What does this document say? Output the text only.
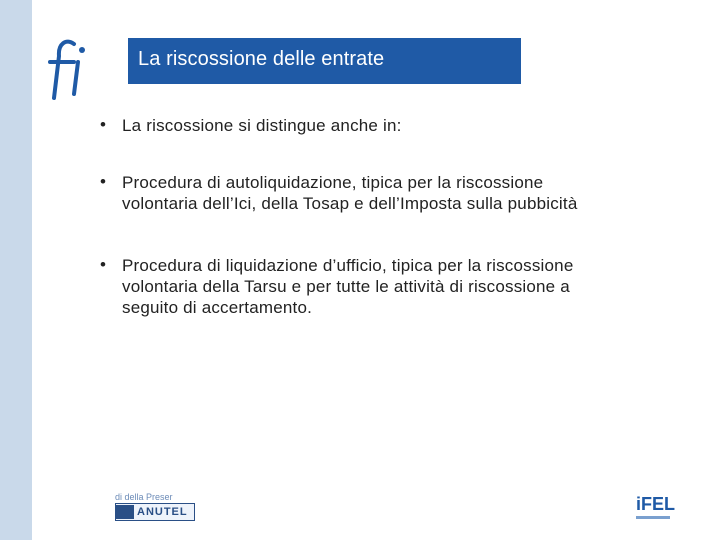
La riscossione delle entrate
• La riscossione si distingue anche in:
• Procedura di autoliquidazione, tipica per la riscossione
volontaria dell’Ici, della Tosap e dell’Imposta sulla pubbicità
• Procedura di liquidazione d’ufficio, tipica per la riscossione
volontaria della Tarsu e per tutte le attività di riscossione a
seguito di accertamento.
di della Preser
ANUTEL	iFEL
